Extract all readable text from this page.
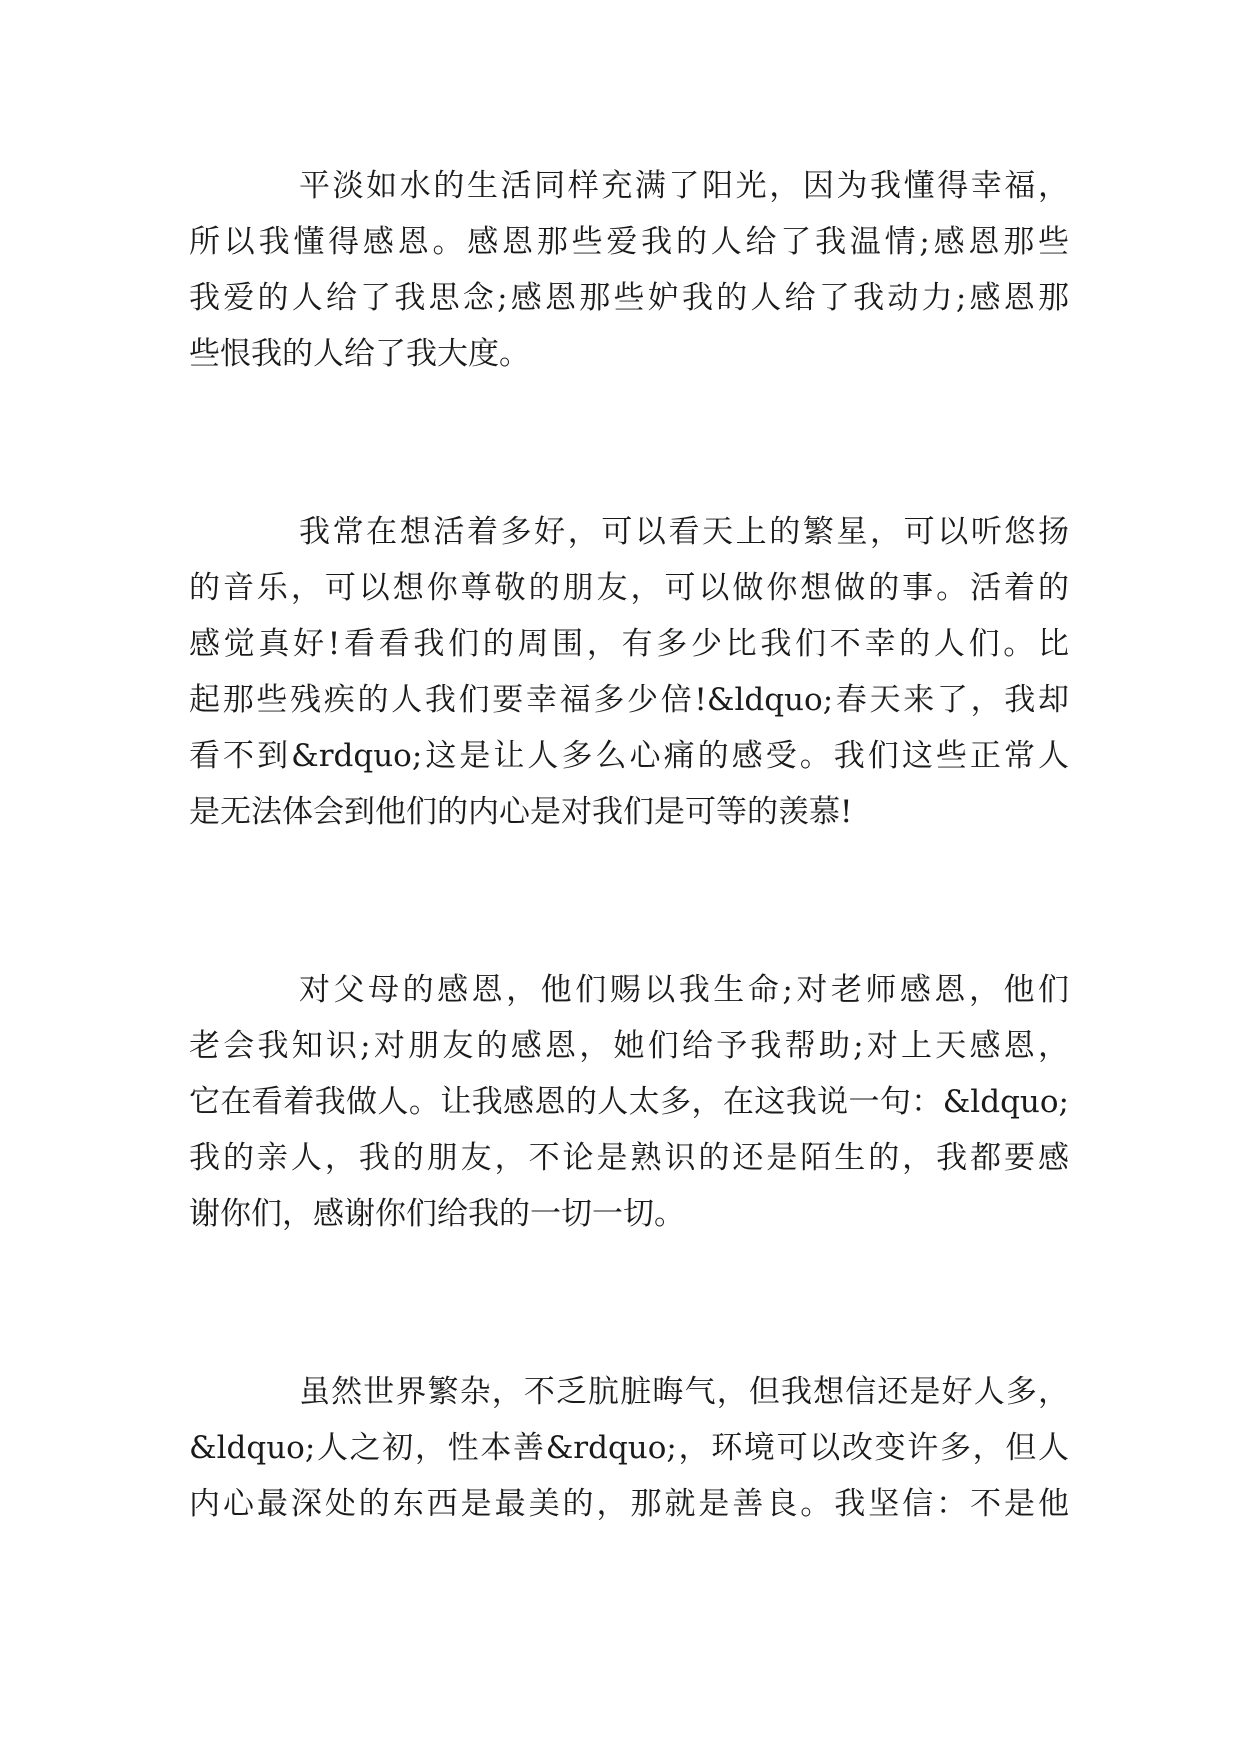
平淡如水的生活同样充满了阳光，因为我懂得幸福，
所以我懂得感恩。感恩那些爱我的人给了我温情;感恩那些
我爱的人给了我思念;感恩那些妒我的人给了我动力;感恩那
些恨我的人给了我大度。
我常在想活着多好，可以看天上的繁星，可以听悠扬
的音乐，可以想你尊敬的朋友，可以做你想做的事。活着的
感觉真好!看看我们的周围，有多少比我们不幸的人们。比
起那些残疾的人我们要幸福多少倍!&ldquo;春天来了，我却
看不到&rdquo;这是让人多么心痛的感受。我们这些正常人
是无法体会到他们的内心是对我们是可等的羡慕!
对父母的感恩，他们赐以我生命;对老师感恩，他们
老会我知识;对朋友的感恩，她们给予我帮助;对上天感恩，
它在看着我做人。让我感恩的人太多，在这我说一句：&ldquo;
我的亲人，我的朋友，不论是熟识的还是陌生的，我都要感
谢你们，感谢你们给我的一切一切。
虽然世界繁杂，不乏肮脏晦气，但我想信还是好人多，
&ldquo;人之初，性本善&rdquo;，环境可以改变许多，但人
内心最深处的东西是最美的，那就是善良。我坚信：不是他
